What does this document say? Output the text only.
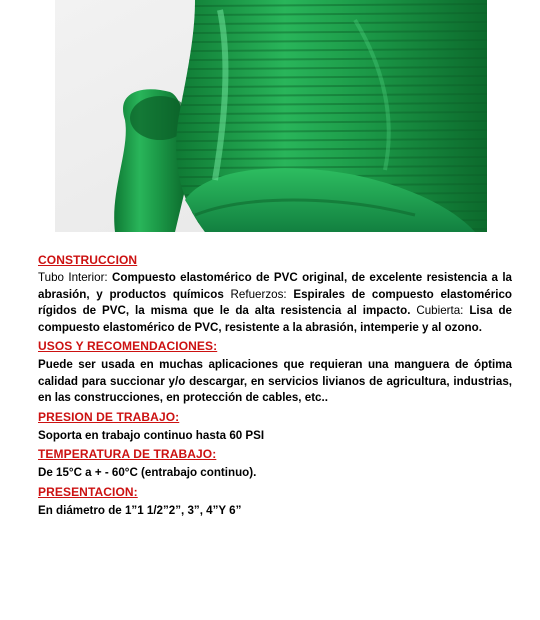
CONSTRUCCION

Tubo Interior: Compuesto elastomérico de PVC original, de excelente resistencia a la abrasión, y productos químicos Refuerzos: Espirales de compuesto elastomérico rígidos de PVC, la misma que le da alta resistencia al impacto. Cubierta: Lisa de compuesto elastomérico de PVC, resistente a la abrasión, intemperie y al ozono.

USOS Y RECOMENDACIONES:

Puede ser usada en muchas aplicaciones que requieran una manguera de óptima calidad para succionar y/o descargar, en servicios livianos de agricultura, industrias, en las construcciones, en protección de cables, etc..

PRESION DE TRABAJO:

Soporta en trabajo continuo hasta 60 PSI

TEMPERATURA DE TRABAJO:

De 15°C a + - 60°C (entrabajo continuo).

PRESENTACION:

En diámetro de 1”1 1/2”2”, 3”, 4”Y 6”
